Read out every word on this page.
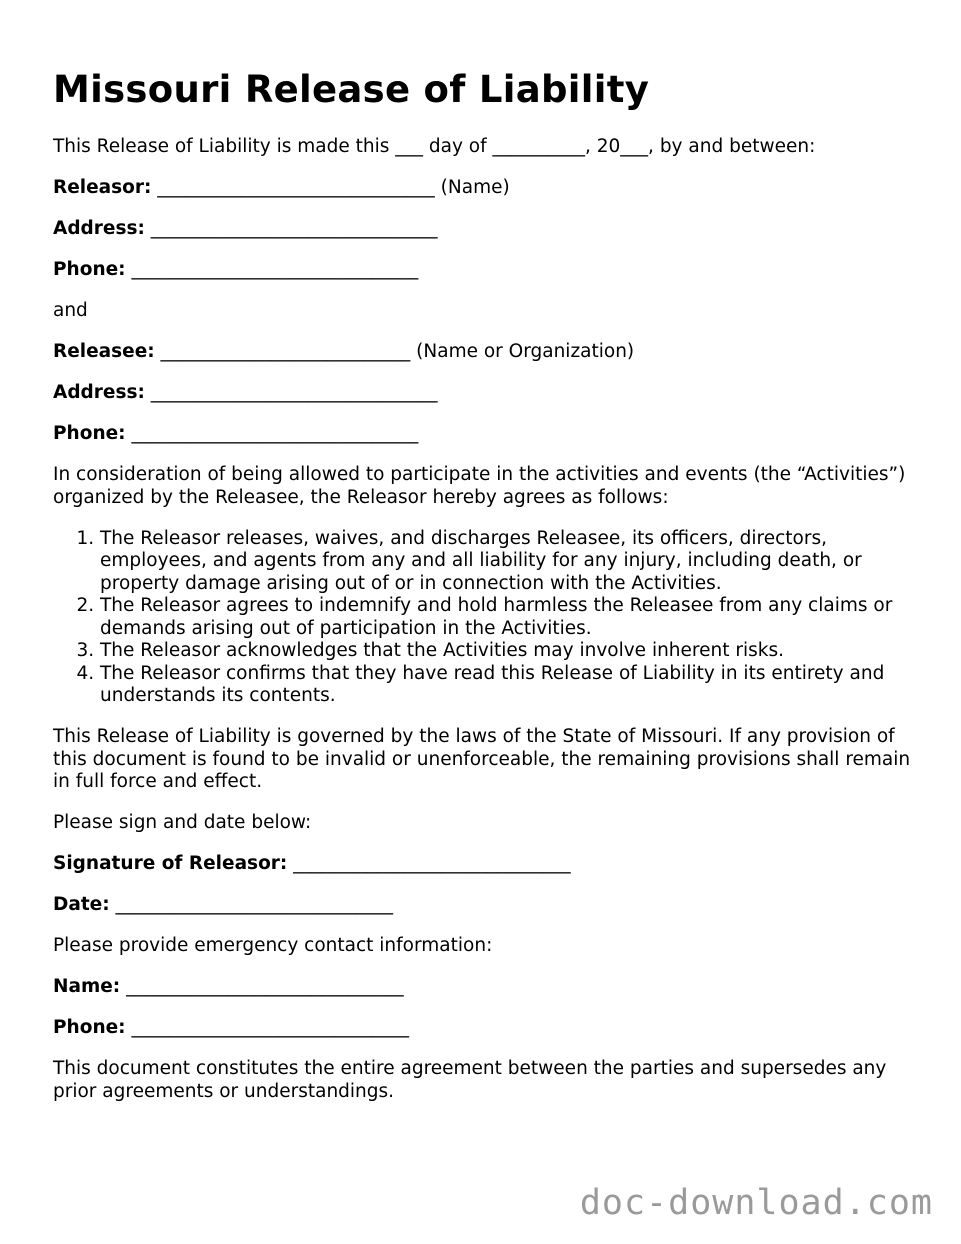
Missouri Release of Liability

This Release of Liability is made this ___ day of __________, 20___, by and between:

Releasor: ______________________________ (Name)

Address: _______________________________

Phone: _______________________________

and

Releasee: ___________________________ (Name or Organization)

Address: _______________________________

Phone: _______________________________

In consideration of being allowed to participate in the activities and events (the “Activities”) organized by the Releasee, the Releasor hereby agrees as follows:

1. The Releasor releases, waives, and discharges Releasee, its officers, directors, employees, and agents from any and all liability for any injury, including death, or property damage arising out of or in connection with the Activities.
2. The Releasor agrees to indemnify and hold harmless the Releasee from any claims or demands arising out of participation in the Activities.
3. The Releasor acknowledges that the Activities may involve inherent risks.
4. The Releasor confirms that they have read this Release of Liability in its entirety and understands its contents.

This Release of Liability is governed by the laws of the State of Missouri. If any provision of this document is found to be invalid or unenforceable, the remaining provisions shall remain in full force and effect.

Please sign and date below:

Signature of Releasor: ______________________________

Date: ______________________________

Please provide emergency contact information:

Name: ______________________________

Phone: ______________________________

This document constitutes the entire agreement between the parties and supersedes any prior agreements or understandings.

doc-download.com
